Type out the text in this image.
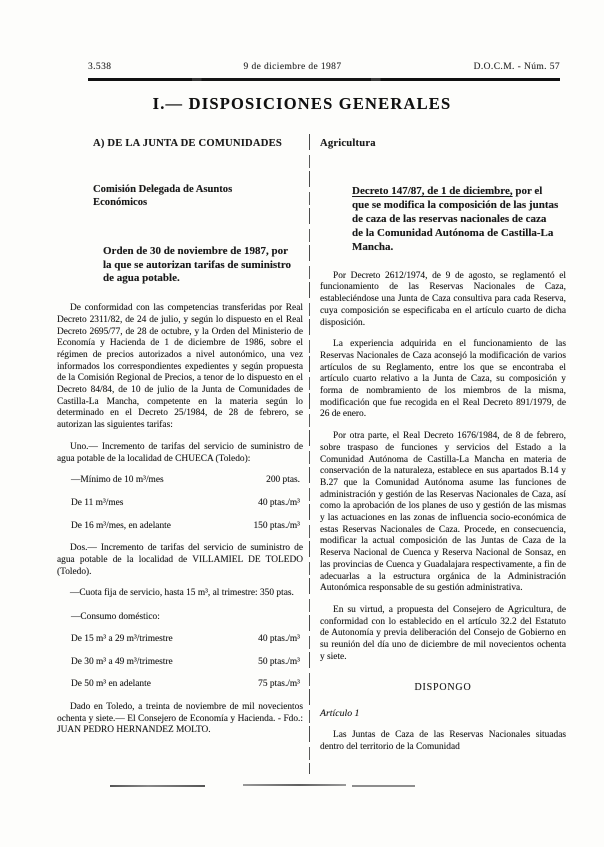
3.538	9 de diciembre de 1987	D.O.C.M. - Núm. 57
I.— DISPOSICIONES GENERALES
A) DE LA JUNTA DE COMUNIDADES
Comisión Delegada de Asuntos Económicos
Orden de 30 de noviembre de 1987, por la que se autorizan tarifas de suministro de agua potable.

De conformidad con las competencias transferidas por Real Decreto 2311/82, de 24 de julio, y según lo dispuesto en el Real Decreto 2695/77, de 28 de octubre, y la Orden del Ministerio de Economía y Hacienda de 1 de diciembre de 1986, sobre el régimen de precios autorizados a nivel autonómico, una vez informados los correspondientes expedientes y según propuesta de la Comisión Regional de Precios, a tenor de lo dispuesto en el Decreto 84/84, de 10 de julio de la Junta de Comunidades de Castilla-La Mancha, competente en la materia según lo determinado en el Decreto 25/1984, de 28 de febrero, se autorizan las siguientes tarifas:

Uno.— Incremento de tarifas del servicio de suministro de agua potable de la localidad de CHUECA (Toledo):

—Mínimo de 10 m³/mes	200 ptas.
De 11 m³/mes	40 ptas./m³
De 16 m³/mes, en adelante	150 ptas./m³

Dos.— Incremento de tarifas del servicio de suministro de agua potable de la localidad de VILLAMIEL DE TOLEDO (Toledo).

—Cuota fija de servicio, hasta 15 m³, al trimestre: 350 ptas.

—Consumo doméstico:
De 15 m³ a 29 m³/trimestre	40 ptas./m³
De 30 m³ a 49 m³/trimestre	50 ptas./m³
De 50 m³ en adelante	75 ptas./m³

Dado en Toledo, a treinta de noviembre de mil novecientos ochenta y siete.— El Consejero de Economía y Hacienda. - Fdo.: JUAN PEDRO HERNANDEZ MOLTO.

Agricultura
Decreto 147/87, de 1 de diciembre, por el que se modifica la composición de las juntas de caza de las reservas nacionales de caza de la Comunidad Autónoma de Castilla-La Mancha.

Por Decreto 2612/1974, de 9 de agosto, se reglamentó el funcionamiento de las Reservas Nacionales de Caza, estableciéndose una Junta de Caza consultiva para cada Reserva, cuya composición se especificaba en el artículo cuarto de dicha disposición.

La experiencia adquirida en el funcionamiento de las Reservas Nacionales de Caza aconsejó la modificación de varios artículos de su Reglamento, entre los que se encontraba el artículo cuarto relativo a la Junta de Caza, su composición y forma de nombramiento de los miembros de la misma, modificación que fue recogida en el Real Decreto 891/1979, de 26 de enero.

Por otra parte, el Real Decreto 1676/1984, de 8 de febrero, sobre traspaso de funciones y servicios del Estado a la Comunidad Autónoma de Castilla-La Mancha en materia de conservación de la naturaleza, establece en sus apartados B.14 y B.27 que la Comunidad Autónoma asume las funciones de administración y gestión de las Reservas Nacionales de Caza, así como la aprobación de los planes de uso y gestión de las mismas y las actuaciones en las zonas de influencia socio-económica de estas Reservas Nacionales de Caza. Procede, en consecuencia, modificar la actual composición de las Juntas de Caza de la Reserva Nacional de Cuenca y Reserva Nacional de Sonsaz, en las provincias de Cuenca y Guadalajara respectivamente, a fin de adecuarlas a la estructura orgánica de la Administración Autonómica responsable de su gestión administrativa.

En su virtud, a propuesta del Consejero de Agricultura, de conformidad con lo establecido en el artículo 32.2 del Estatuto de Autonomía y previa deliberación del Consejo de Gobierno en su reunión del día uno de diciembre de mil novecientos ochenta y siete.

DISPONGO
Artículo 1

Las Juntas de Caza de las Reservas Nacionales situadas dentro del territorio de la Comunidad
